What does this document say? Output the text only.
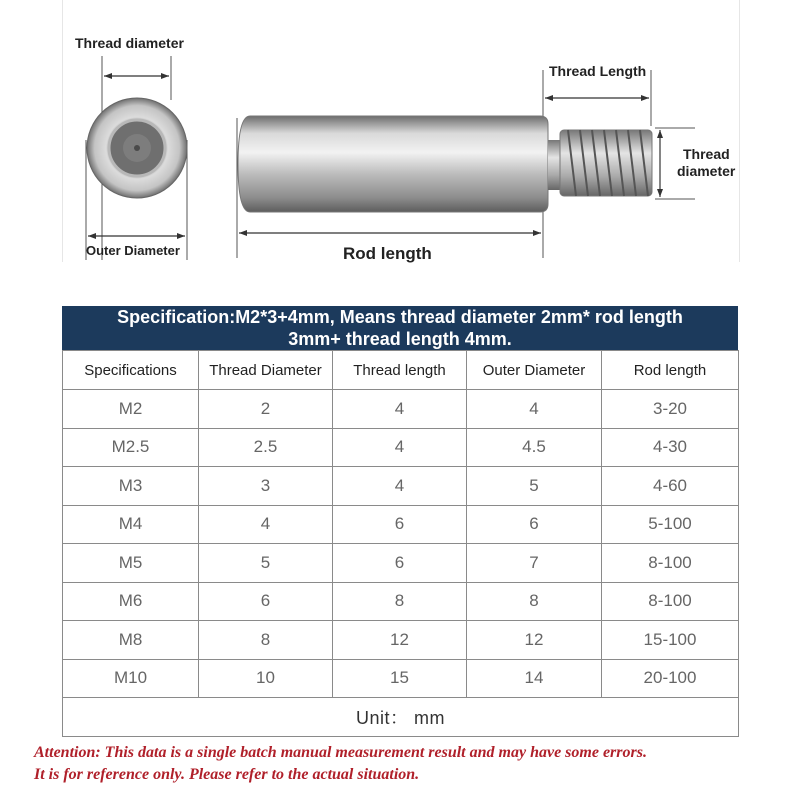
Thread diameter
Outer Diameter
Thread Length
Thread
diameter
Rod length
Specification:M2*3+4mm, Means thread diameter 2mm* rod length
3mm+ thread length 4mm.
Specifications	Thread Diameter	Thread length	Outer Diameter	Rod length
M2	2	4	4	3-20
M2.5	2.5	4	4.5	4-30
M3	3	4	5	4-60
M4	4	6	6	5-100
M5	5	6	7	8-100
M6	6	8	8	8-100
M8	8	12	12	15-100
M10	10	15	14	20-100
Unit： mm				
Attention: This data is a single batch manual measurement result and may have some errors.
It is for reference only. Please refer to the actual situation.
